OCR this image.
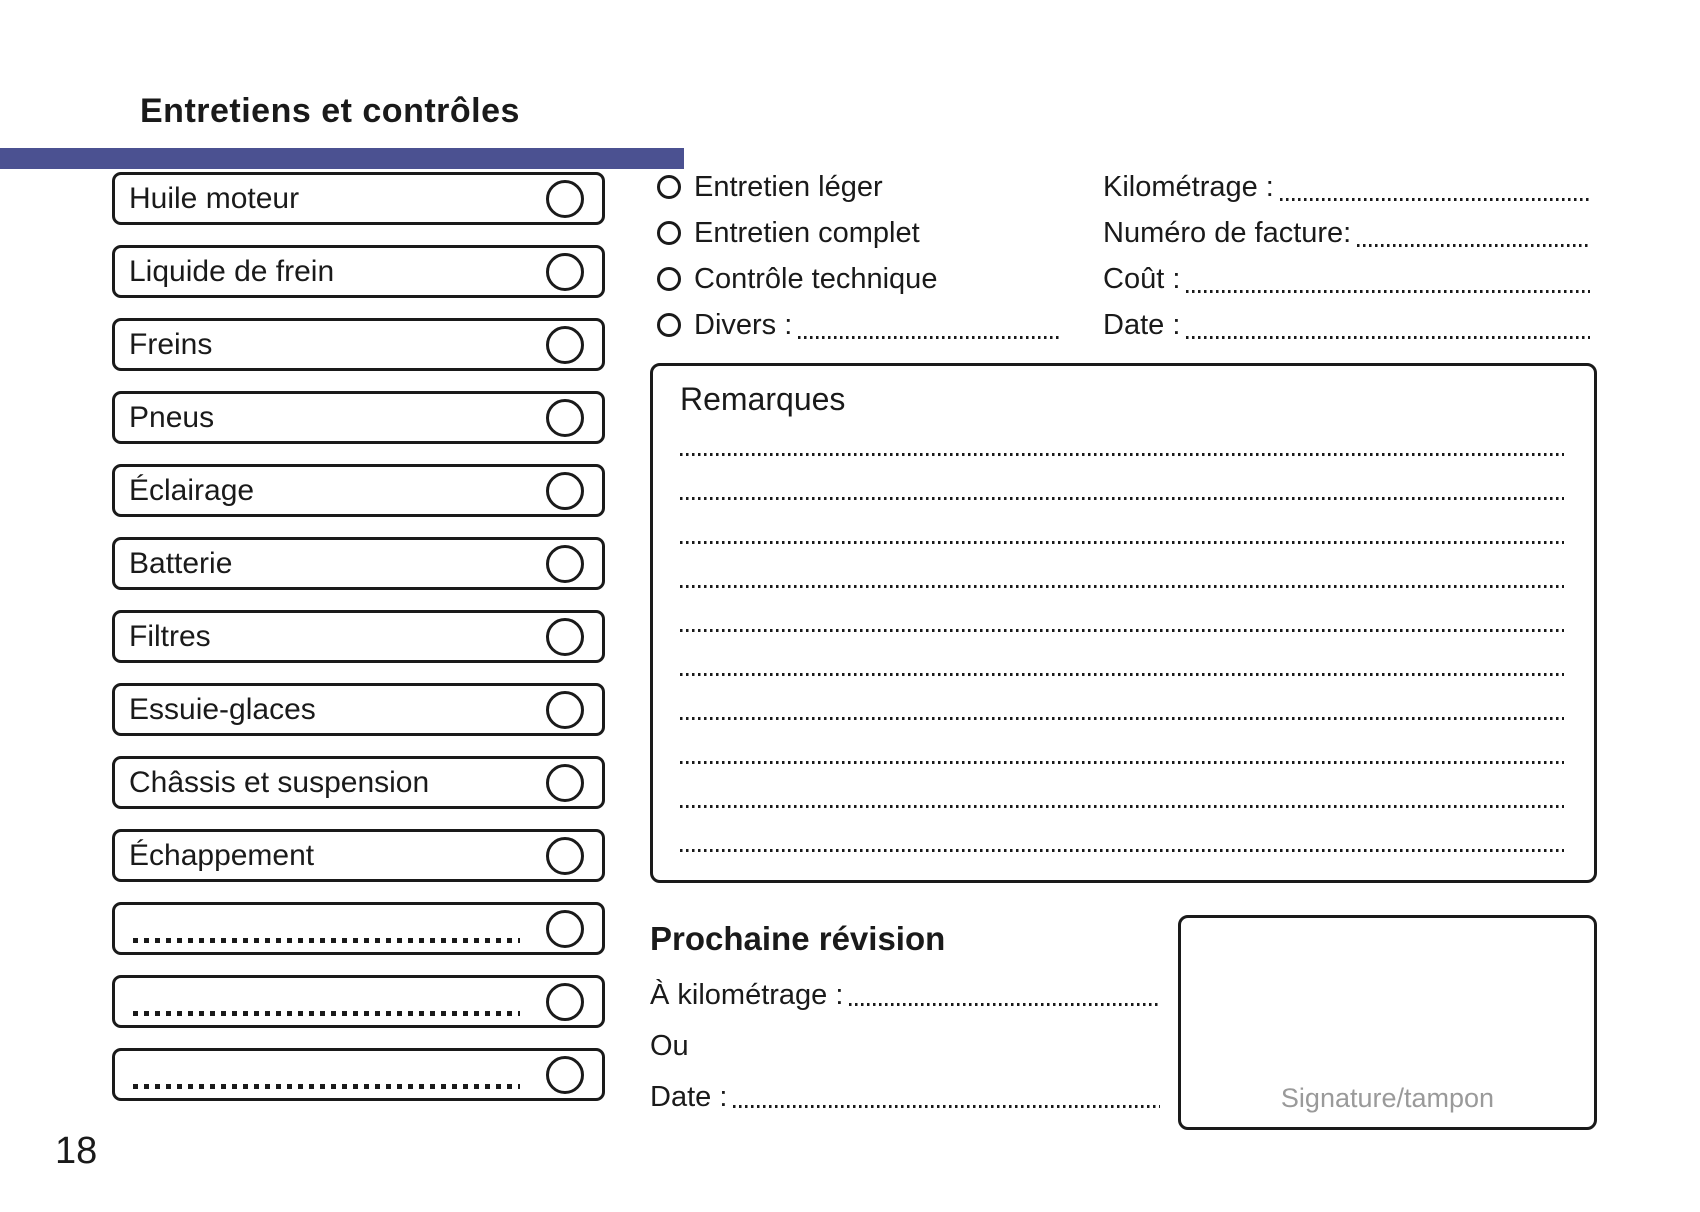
Entretiens et contrôles
Huile moteur
Liquide de frein
Freins
Pneus
Éclairage
Batterie
Filtres
Essuie-glaces
Châssis et suspension
Échappement
Entretien léger
Entretien complet
Contrôle technique
Divers :
Kilométrage :
Numéro de facture:
Coût :
Date :
Remarques
Prochaine révision
À kilométrage :
Ou
Date :	Signature/tampon
18
